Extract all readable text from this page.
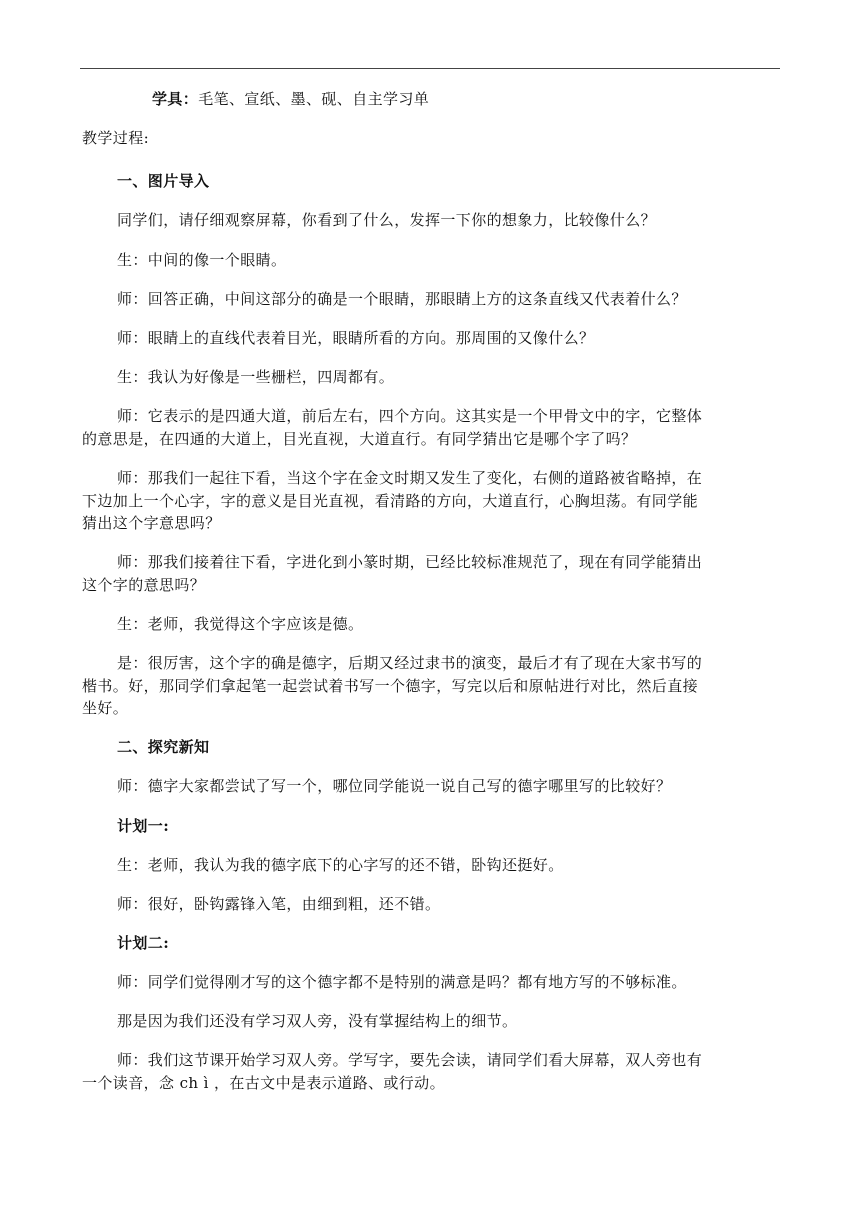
学具：毛笔、宣纸、墨、砚、自主学习单
教学过程:
一、图片导入
同学们，请仔细观察屏幕，你看到了什么，发挥一下你的想象力，比较像什么？
生：中间的像一个眼睛。
师：回答正确，中间这部分的确是一个眼睛，那眼睛上方的这条直线又代表着什么？
师：眼睛上的直线代表着目光，眼睛所看的方向。那周围的又像什么？
生：我认为好像是一些栅栏，四周都有。
师：它表示的是四通大道，前后左右，四个方向。这其实是一个甲骨文中的字，它整体
的意思是，在四通的大道上，目光直视，大道直行。有同学猜出它是哪个字了吗？
师：那我们一起往下看，当这个字在金文时期又发生了变化，右侧的道路被省略掉，在
下边加上一个心字，字的意义是目光直视，看清路的方向，大道直行，心胸坦荡。有同学能
猜出这个字意思吗？
师：那我们接着往下看，字进化到小篆时期，已经比较标准规范了，现在有同学能猜出
这个字的意思吗？
生：老师，我觉得这个字应该是德。
是：很厉害，这个字的确是德字，后期又经过隶书的演变，最后才有了现在大家书写的
楷书。好，那同学们拿起笔一起尝试着书写一个德字，写完以后和原帖进行对比，然后直接
坐好。
二、探究新知
师：德字大家都尝试了写一个，哪位同学能说一说自己写的德字哪里写的比较好？
计划一:
生：老师，我认为我的德字底下的心字写的还不错，卧钩还挺好。
师：很好，卧钩露锋入笔，由细到粗，还不错。
计划二:
师：同学们觉得刚才写的这个德字都不是特别的满意是吗？都有地方写的不够标准。
那是因为我们还没有学习双人旁，没有掌握结构上的细节。
师：我们这节课开始学习双人旁。学写字，要先会读，请同学们看大屏幕，双人旁也有
一个读音，念 ch ì ，在古文中是表示道路、或行动。
